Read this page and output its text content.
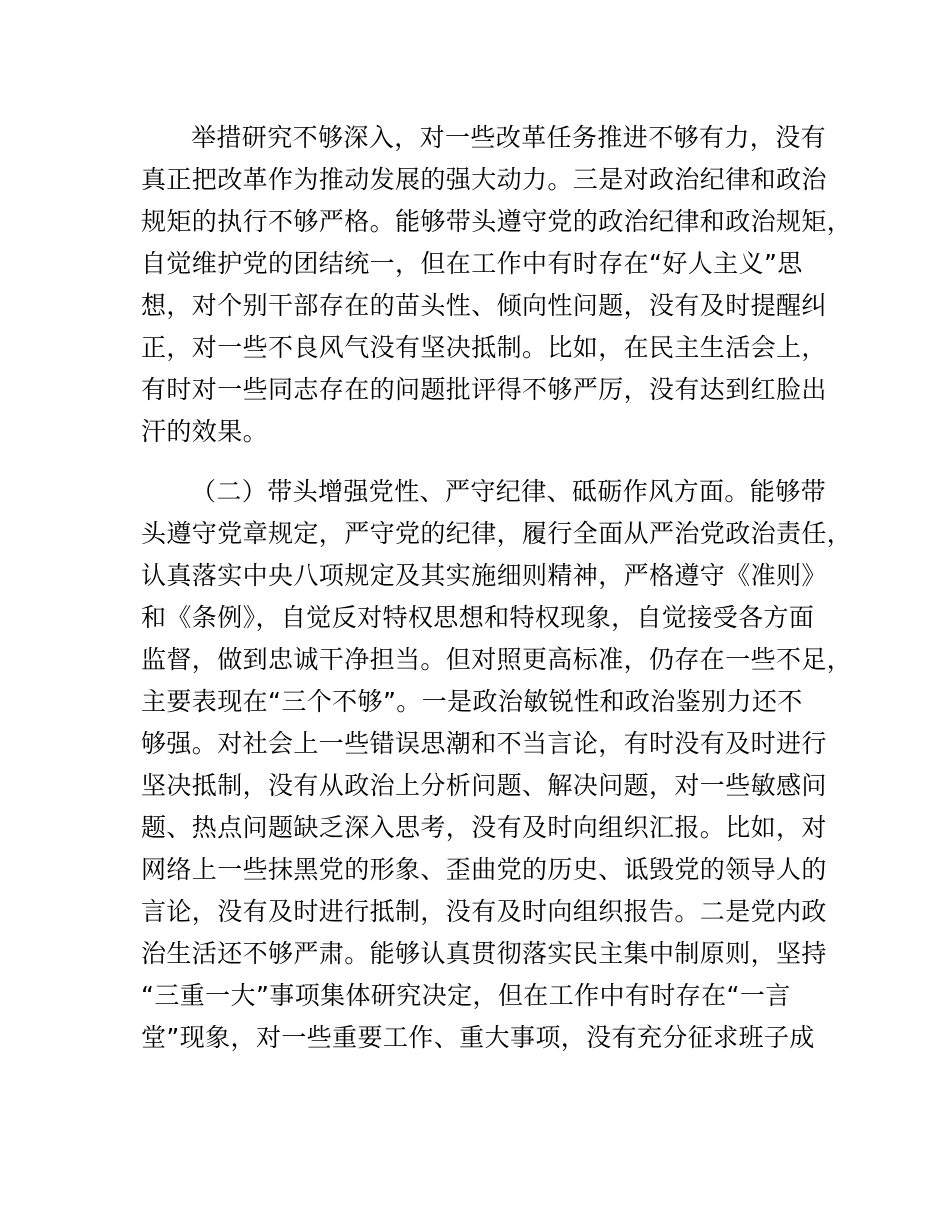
举措研究不够深入，对一些改革任务推进不够有力，没有
真正把改革作为推动发展的强大动力。三是对政治纪律和政治
规矩的执行不够严格。能够带头遵守党的政治纪律和政治规矩，
自觉维护党的团结统一，但在工作中有时存在“好人主义”思
想，对个别干部存在的苗头性、倾向性问题，没有及时提醒纠
正，对一些不良风气没有坚决抵制。比如，在民主生活会上，
有时对一些同志存在的问题批评得不够严厉，没有达到红脸出
汗的效果。
（二）带头增强党性、严守纪律、砥砺作风方面。能够带
头遵守党章规定，严守党的纪律，履行全面从严治党政治责任，
认真落实中央八项规定及其实施细则精神，严格遵守《准则》
和《条例》，自觉反对特权思想和特权现象，自觉接受各方面
监督，做到忠诚干净担当。但对照更高标准，仍存在一些不足，
主要表现在“三个不够”。一是政治敏锐性和政治鉴别力还不
够强。对社会上一些错误思潮和不当言论，有时没有及时进行
坚决抵制，没有从政治上分析问题、解决问题，对一些敏感问
题、热点问题缺乏深入思考，没有及时向组织汇报。比如，对
网络上一些抹黑党的形象、歪曲党的历史、诋毁党的领导人的
言论，没有及时进行抵制，没有及时向组织报告。二是党内政
治生活还不够严肃。能够认真贯彻落实民主集中制原则，坚持
“三重一大”事项集体研究决定，但在工作中有时存在“一言
堂”现象，对一些重要工作、重大事项，没有充分征求班子成
